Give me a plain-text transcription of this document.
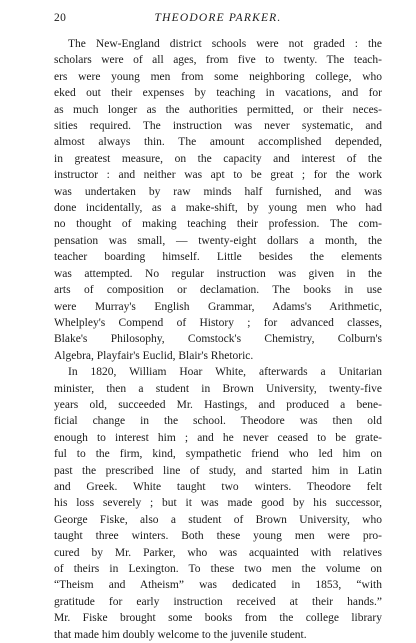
20	THEODORE PARKER.

The New-England district schools were not graded : the
scholars were of all ages, from five to twenty. The teach-
ers were young men from some neighboring college, who
eked out their expenses by teaching in vacations, and for
as much longer as the authorities permitted, or their neces-
sities required. The instruction was never systematic, and
almost always thin. The amount accomplished depended,
in greatest measure, on the capacity and interest of the
instructor : and neither was apt to be great ; for the work
was undertaken by raw minds half furnished, and was
done incidentally, as a make-shift, by young men who had
no thought of making teaching their profession. The com-
pensation was small, — twenty-eight dollars a month, the
teacher boarding himself. Little besides the elements
was attempted. No regular instruction was given in the
arts of composition or declamation. The books in use
were Murray's English Grammar, Adams's Arithmetic,
Whelpley's Compend of History ; for advanced classes,
Blake's Philosophy, Comstock's Chemistry, Colburn's
Algebra, Playfair's Euclid, Blair's Rhetoric.

In 1820, William Hoar White, afterwards a Unitarian
minister, then a student in Brown University, twenty-five
years old, succeeded Mr. Hastings, and produced a bene-
ficial change in the school. Theodore was then old
enough to interest him ; and he never ceased to be grate-
ful to the firm, kind, sympathetic friend who led him on
past the prescribed line of study, and started him in Latin
and Greek. White taught two winters. Theodore felt
his loss severely ; but it was made good by his successor,
George Fiske, also a student of Brown University, who
taught three winters. Both these young men were pro-
cured by Mr. Parker, who was acquainted with relatives
of theirs in Lexington. To these two men the volume on
“Theism and Atheism” was dedicated in 1853, “with
gratitude for early instruction received at their hands.”
Mr. Fiske brought some books from the college library
that made him doubly welcome to the juvenile student.
